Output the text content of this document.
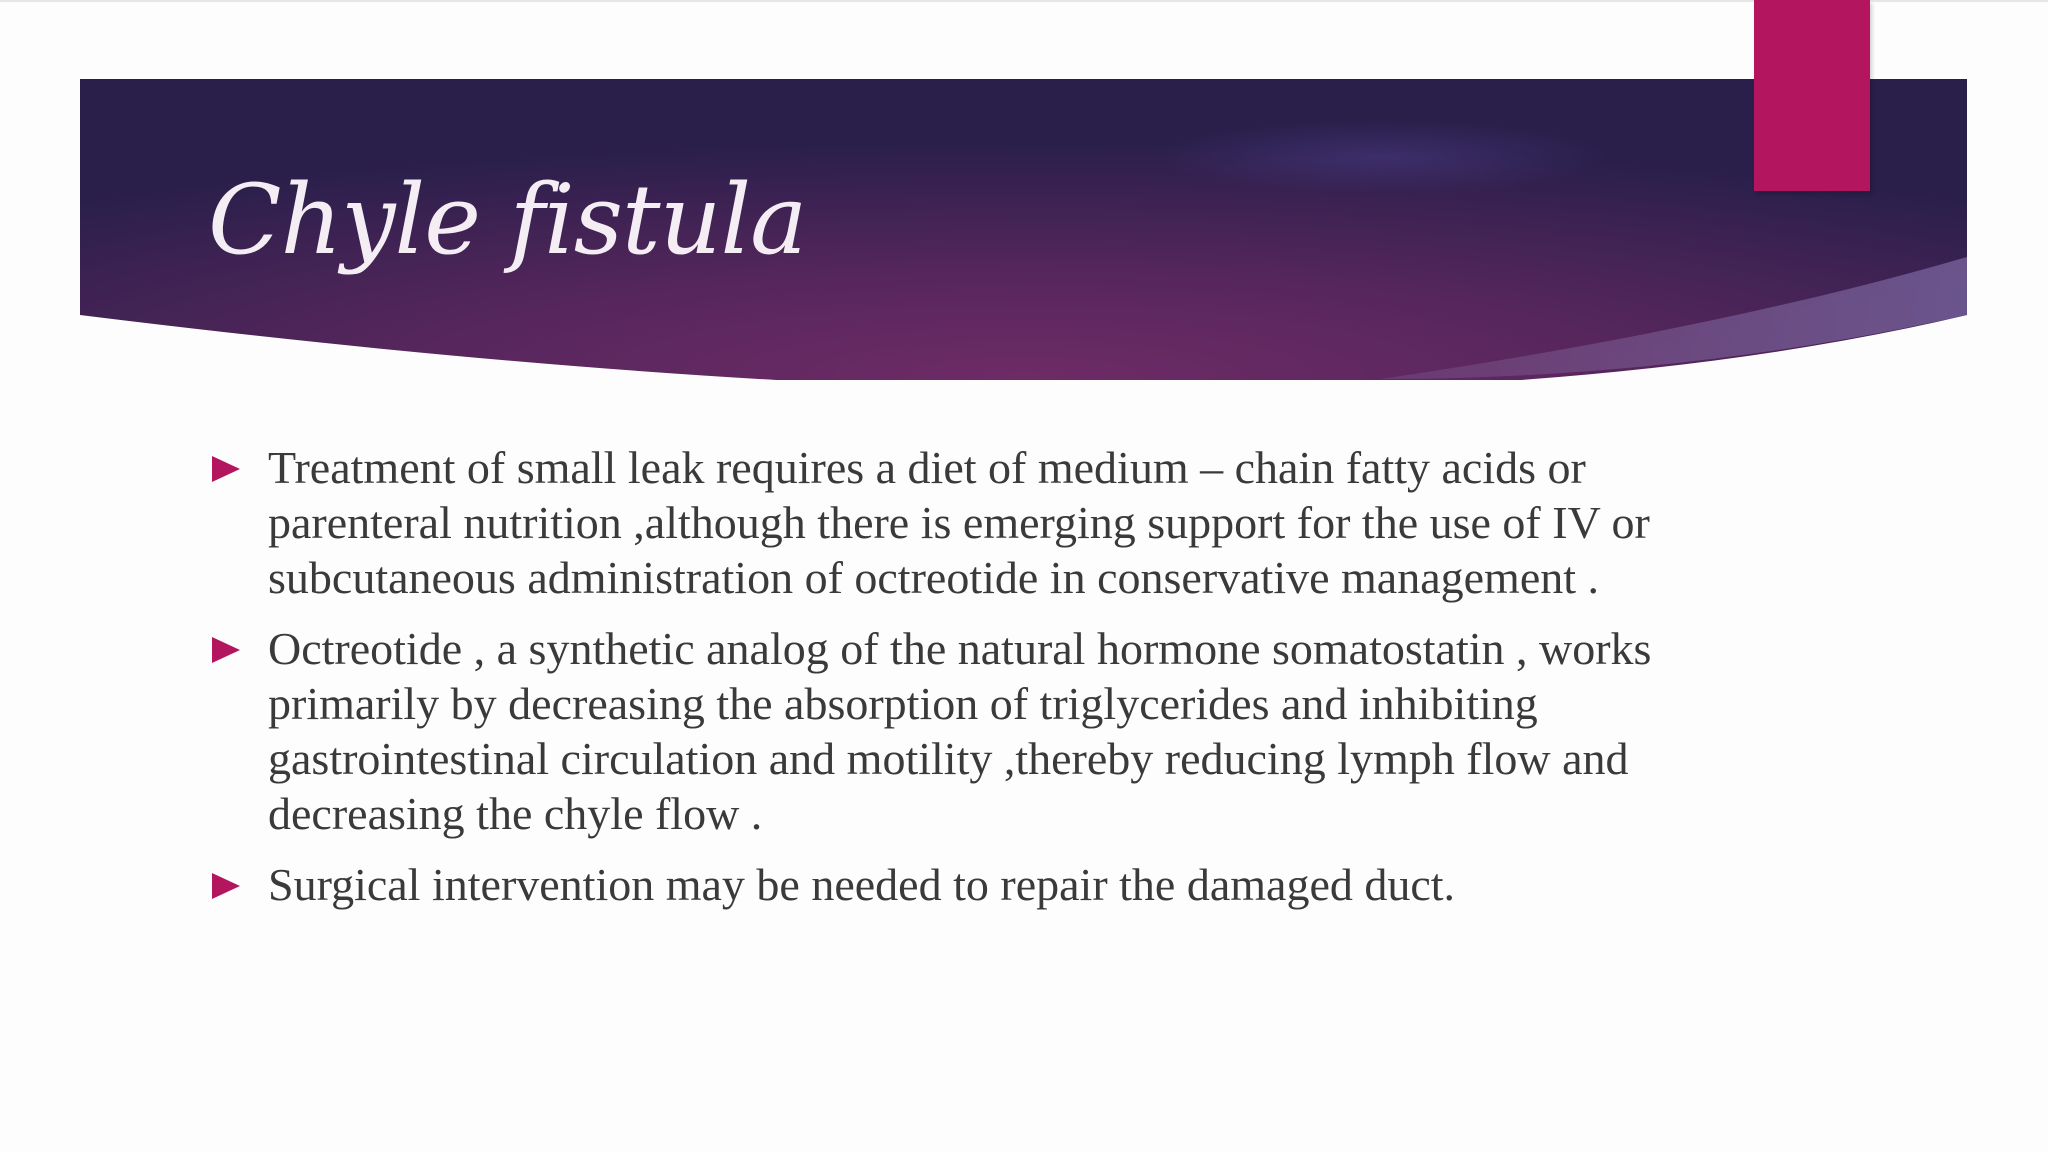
Chyle fistula
Treatment of small leak requires a diet of medium – chain fatty acids or parenteral nutrition ,although there is emerging support for the use of IV or subcutaneous administration of octreotide in conservative management .
Octreotide , a synthetic analog of the natural hormone somatostatin , works primarily by decreasing the absorption of triglycerides and inhibiting gastrointestinal circulation and motility ,thereby reducing lymph flow and decreasing the chyle flow .
Surgical intervention may be needed to repair the damaged duct.
